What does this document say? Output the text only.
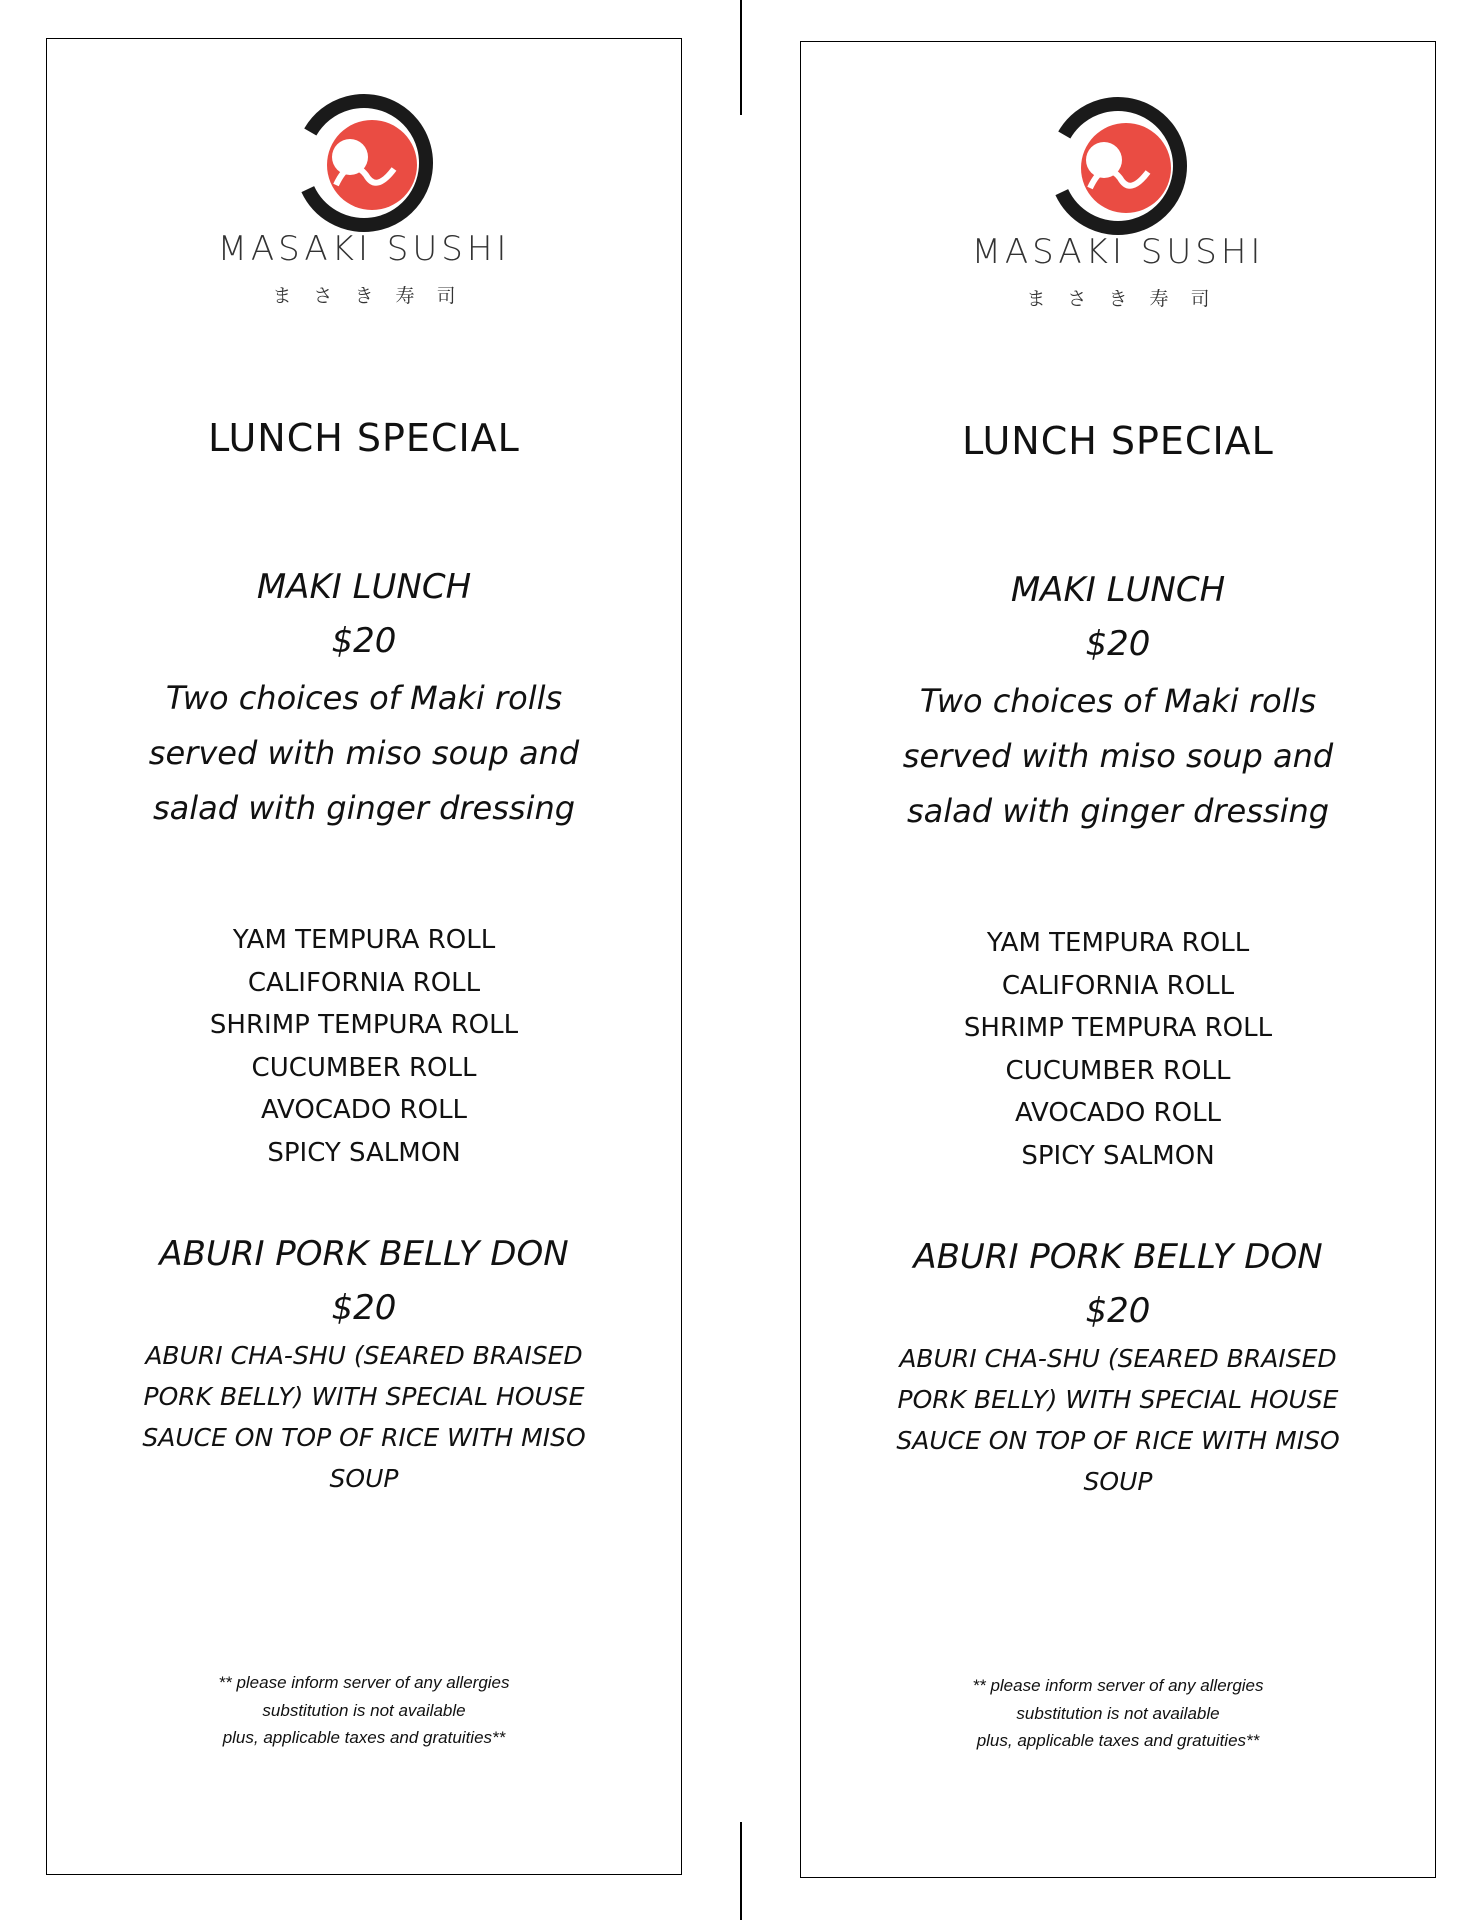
MASAKI SUSHI
まさき寿司
LUNCH SPECIAL
MAKI LUNCH
$20
Two choices of Maki rolls served with miso soup and salad with ginger dressing
YAM TEMPURA ROLL
CALIFORNIA ROLL
SHRIMP TEMPURA ROLL
CUCUMBER ROLL
AVOCADO ROLL
SPICY SALMON
ABURI PORK BELLY DON
$20
ABURI CHA-SHU (SEARED BRAISED PORK BELLY) WITH SPECIAL HOUSE SAUCE ON TOP OF RICE WITH MISO SOUP
** please inform server of any allergies
substitution is not available
plus, applicable taxes and gratuities**
MASAKI SUSHI
まさき寿司
LUNCH SPECIAL
MAKI LUNCH
$20
Two choices of Maki rolls served with miso soup and salad with ginger dressing
YAM TEMPURA ROLL
CALIFORNIA ROLL
SHRIMP TEMPURA ROLL
CUCUMBER ROLL
AVOCADO ROLL
SPICY SALMON
ABURI PORK BELLY DON
$20
ABURI CHA-SHU (SEARED BRAISED PORK BELLY) WITH SPECIAL HOUSE SAUCE ON TOP OF RICE WITH MISO SOUP
** please inform server of any allergies
substitution is not available
plus, applicable taxes and gratuities**
